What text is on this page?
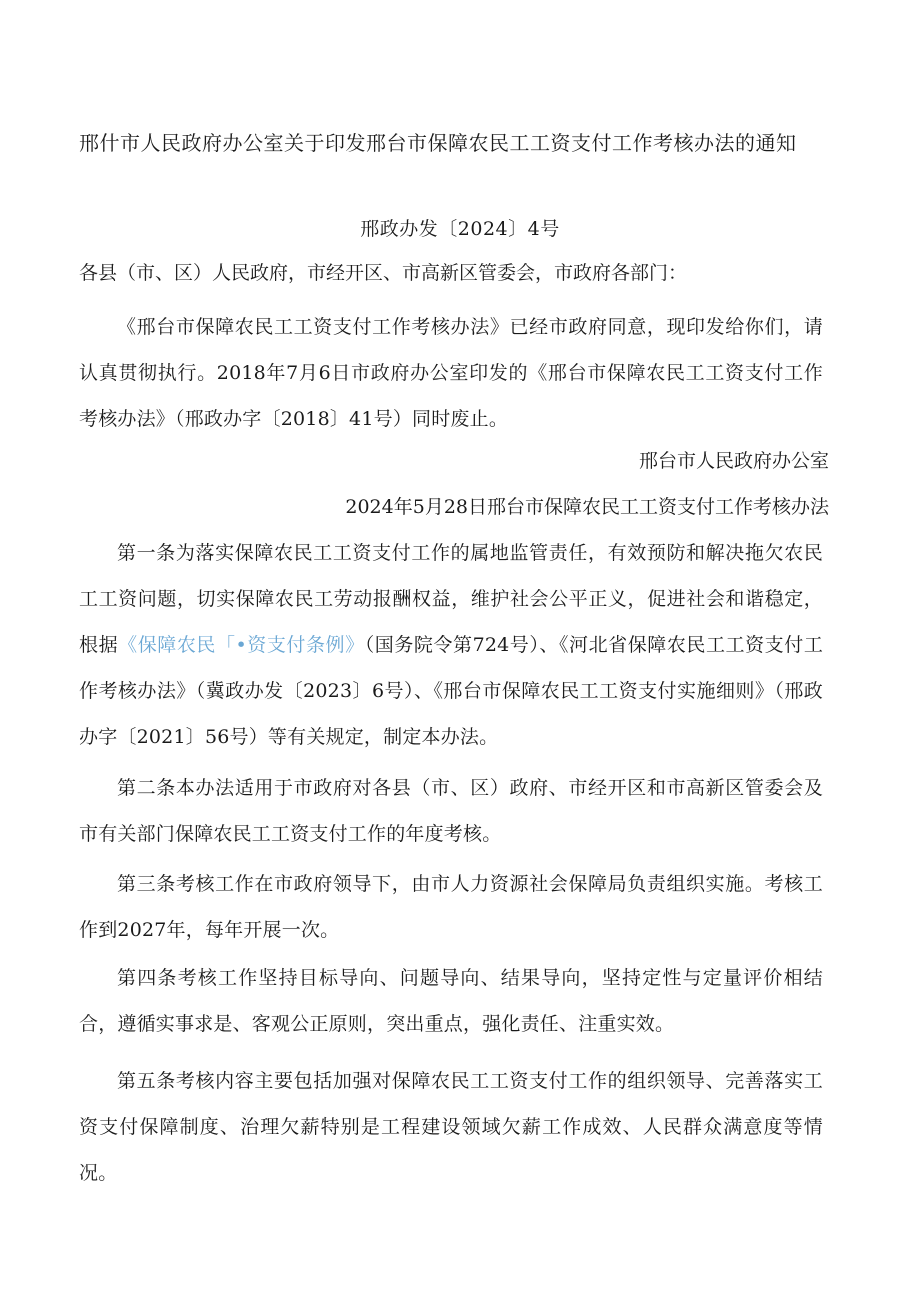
邢什市人民政府办公室关于印发邢台市保障农民工工资支付工作考核办法的通知
邢政办发〔2024〕4号
各县（市、区）人民政府，市经开区、市高新区管委会，市政府各部门：
《邢台市保障农民工工资支付工作考核办法》已经市政府同意，现印发给你们，请认真贯彻执行。2018年7月6日市政府办公室印发的《邢台市保障农民工工资支付工作考核办法》（邢政办字〔2018〕41号）同时废止。
邢台市人民政府办公室
2024年5月28日邢台市保障农民工工资支付工作考核办法
第一条为落实保障农民工工资支付工作的属地监管责任，有效预防和解决拖欠农民工工资问题，切实保障农民工劳动报酬权益，维护社会公平正义，促进社会和谐稳定，根据《保障农民「•资支付条例》（国务院令第724号）、《河北省保障农民工工资支付工作考核办法》（冀政办发〔2023〕6号）、《邢台市保障农民工工资支付实施细则》（邢政办字〔2021〕56号）等有关规定，制定本办法。
第二条本办法适用于市政府对各县（市、区）政府、市经开区和市高新区管委会及市有关部门保障农民工工资支付工作的年度考核。
第三条考核工作在市政府领导下，由市人力资源社会保障局负责组织实施。考核工作到2027年，每年开展一次。
第四条考核工作坚持目标导向、问题导向、结果导向，坚持定性与定量评价相结合，遵循实事求是、客观公正原则，突出重点，强化责任、注重实效。
第五条考核内容主要包括加强对保障农民工工资支付工作的组织领导、完善落实工资支付保障制度、治理欠薪特别是工程建设领域欠薪工作成效、人民群众满意度等情况。
